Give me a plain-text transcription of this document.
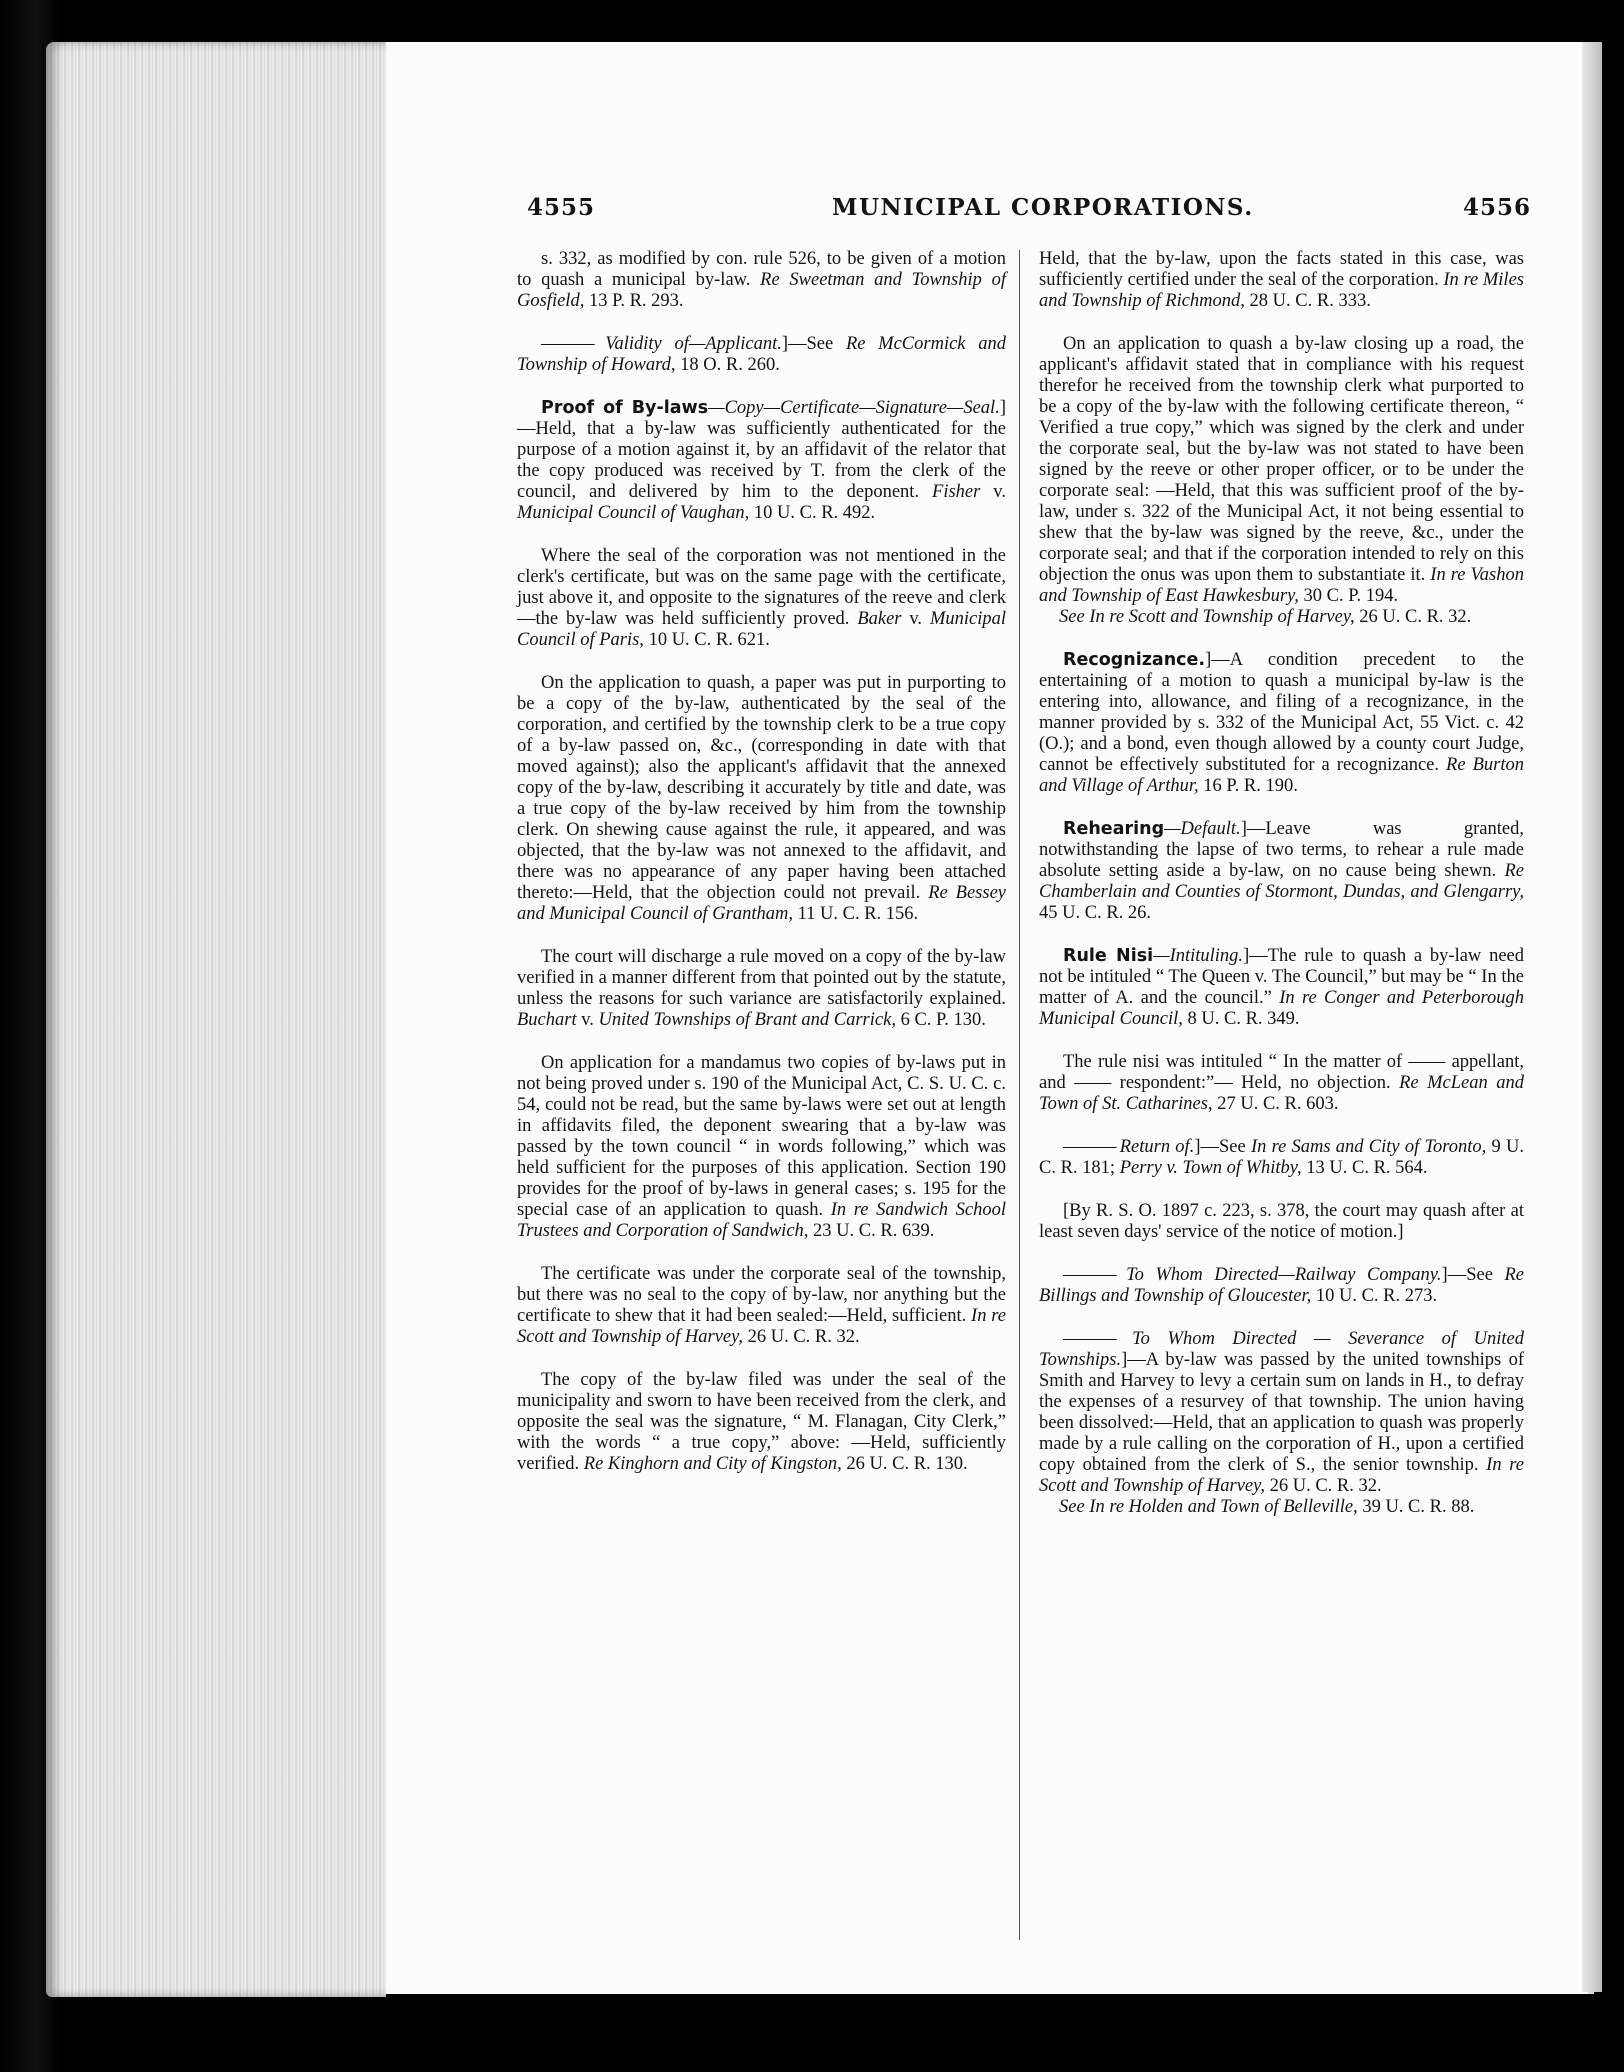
4555	MUNICIPAL CORPORATIONS.	4556

s. 332, as modified by con. rule 526, to be given of a motion to quash a municipal by-law. Re Sweetman and Township of Gosfield, 13 P. R. 293.

——— Validity of—Applicant.]—See Re McCormick and Township of Howard, 18 O. R. 260.

Proof of By-laws—Copy—Certificate—Signature—Seal.]—Held, that a by-law was sufficiently authenticated for the purpose of a motion against it, by an affidavit of the relator that the copy produced was received by T. from the clerk of the council, and delivered by him to the deponent. Fisher v. Municipal Council of Vaughan, 10 U. C. R. 492.

Where the seal of the corporation was not mentioned in the clerk's certificate, but was on the same page with the certificate, just above it, and opposite to the signatures of the reeve and clerk—the by-law was held sufficiently proved. Baker v. Municipal Council of Paris, 10 U. C. R. 621.

On the application to quash, a paper was put in purporting to be a copy of the by-law, authenticated by the seal of the corporation, and certified by the township clerk to be a true copy of a by-law passed on, &c., (corresponding in date with that moved against); also the applicant's affidavit that the annexed copy of the by-law, describing it accurately by title and date, was a true copy of the by-law received by him from the township clerk. On shewing cause against the rule, it appeared, and was objected, that the by-law was not annexed to the affidavit, and there was no appearance of any paper having been attached thereto:—Held, that the objection could not prevail. Re Bessey and Municipal Council of Grantham, 11 U. C. R. 156.

The court will discharge a rule moved on a copy of the by-law verified in a manner different from that pointed out by the statute, unless the reasons for such variance are satisfactorily explained. Buchart v. United Townships of Brant and Carrick, 6 C. P. 130.

On application for a mandamus two copies of by-laws put in not being proved under s. 190 of the Municipal Act, C. S. U. C. c. 54, could not be read, but the same by-laws were set out at length in affidavits filed, the deponent swearing that a by-law was passed by the town council “ in words following,” which was held sufficient for the purposes of this application. Section 190 provides for the proof of by-laws in general cases; s. 195 for the special case of an application to quash. In re Sandwich School Trustees and Corporation of Sandwich, 23 U. C. R. 639.

The certificate was under the corporate seal of the township, but there was no seal to the copy of by-law, nor anything but the certificate to shew that it had been sealed:—Held, sufficient. In re Scott and Township of Harvey, 26 U. C. R. 32.

The copy of the by-law filed was under the seal of the municipality and sworn to have been received from the clerk, and opposite the seal was the signature, “ M. Flanagan, City Clerk,” with the words “ a true copy,” above: —Held, sufficiently verified. Re Kinghorn and City of Kingston, 26 U. C. R. 130.

Held, that the by-law, upon the facts stated in this case, was sufficiently certified under the seal of the corporation. In re Miles and Township of Richmond, 28 U. C. R. 333.

On an application to quash a by-law closing up a road, the applicant's affidavit stated that in compliance with his request therefor he received from the township clerk what purported to be a copy of the by-law with the following certificate thereon, “ Verified a true copy,” which was signed by the clerk and under the corporate seal, but the by-law was not stated to have been signed by the reeve or other proper officer, or to be under the corporate seal: —Held, that this was sufficient proof of the by-law, under s. 322 of the Municipal Act, it not being essential to shew that the by-law was signed by the reeve, &c., under the corporate seal; and that if the corporation intended to rely on this objection the onus was upon them to substantiate it. In re Vashon and Township of East Hawkesbury, 30 C. P. 194.

See In re Scott and Township of Harvey, 26 U. C. R. 32.

Recognizance.]—A condition precedent to the entertaining of a motion to quash a municipal by-law is the entering into, allowance, and filing of a recognizance, in the manner provided by s. 332 of the Municipal Act, 55 Vict. c. 42 (O.); and a bond, even though allowed by a county court Judge, cannot be effectively substituted for a recognizance. Re Burton and Village of Arthur, 16 P. R. 190.

Rehearing—Default.]—Leave was granted, notwithstanding the lapse of two terms, to rehear a rule made absolute setting aside a by-law, on no cause being shewn. Re Chamberlain and Counties of Stormont, Dundas, and Glengarry, 45 U. C. R. 26.

Rule Nisi—Intituling.]—The rule to quash a by-law need not be intituled “ The Queen v. The Council,” but may be “ In the matter of A. and the council.” In re Conger and Peterborough Municipal Council, 8 U. C. R. 349.

The rule nisi was intituled “ In the matter of —— appellant, and —— respondent:”— Held, no objection. Re McLean and Town of St. Catharines, 27 U. C. R. 603.

——— Return of.]—See In re Sams and City of Toronto, 9 U. C. R. 181; Perry v. Town of Whitby, 13 U. C. R. 564.

[By R. S. O. 1897 c. 223, s. 378, the court may quash after at least seven days' service of the notice of motion.]

——— To Whom Directed—Railway Company.]—See Re Billings and Township of Gloucester, 10 U. C. R. 273.

——— To Whom Directed — Severance of United Townships.]—A by-law was passed by the united townships of Smith and Harvey to levy a certain sum on lands in H., to defray the expenses of a resurvey of that township. The union having been dissolved:—Held, that an application to quash was properly made by a rule calling on the corporation of H., upon a certified copy obtained from the clerk of S., the senior township. In re Scott and Township of Harvey, 26 U. C. R. 32.

See In re Holden and Town of Belleville, 39 U. C. R. 88.
